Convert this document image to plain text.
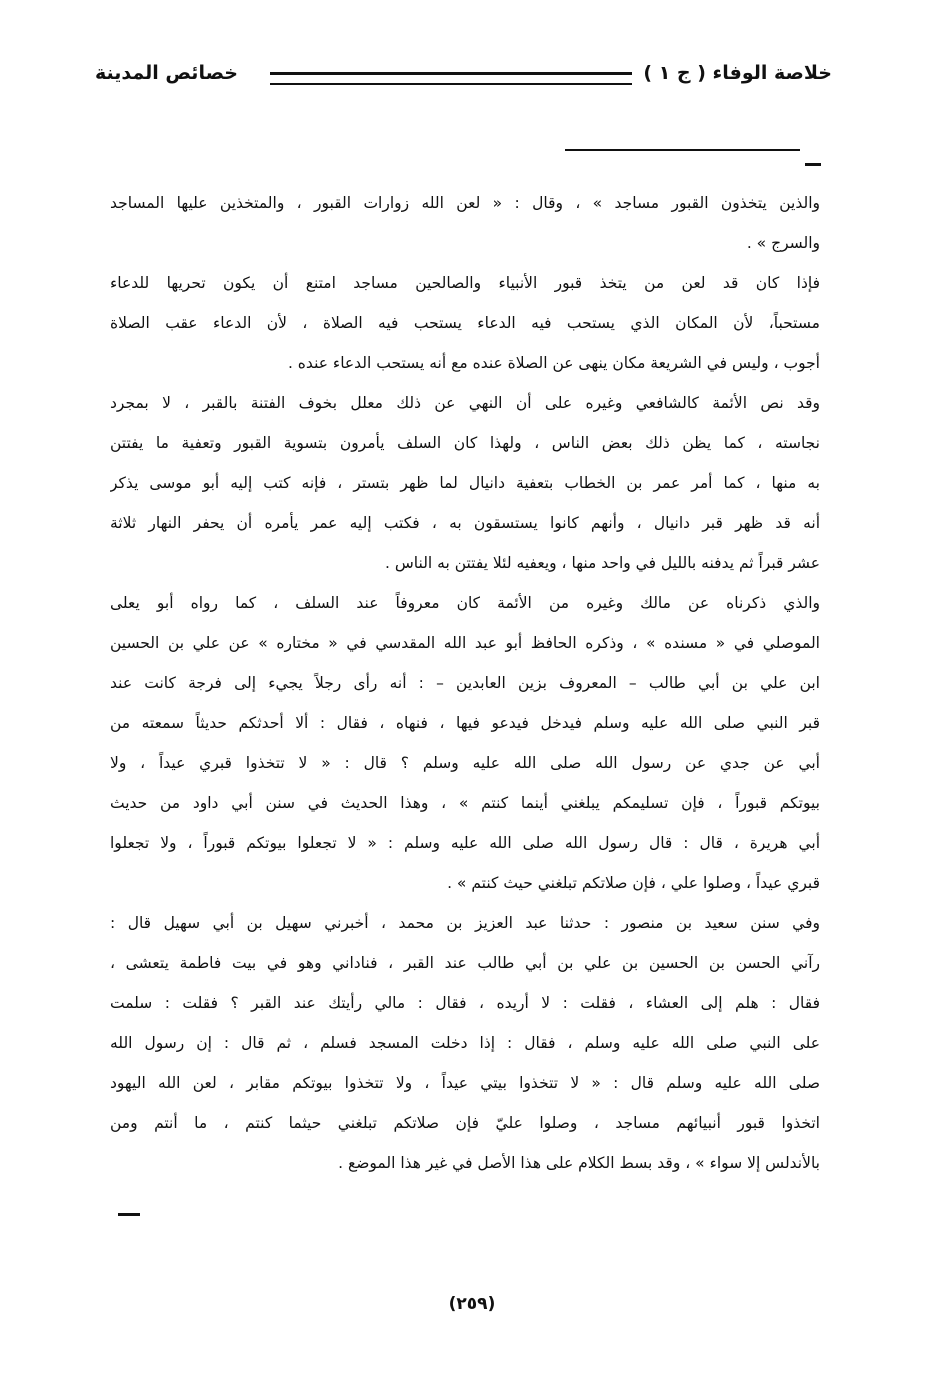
خلاصة الوفاء ( ج ١ )
خصائص المدينة
والذين يتخذون القبور مساجد » ، وقال : « لعن الله زوارات القبور ، والمتخذين عليها المساجد
والسرج » .
فإذا كان قد لعن من يتخذ قبور الأنبياء والصالحين مساجد امتنع أن يكون تحريها للدعاء
مستحباً، لأن المكان الذي يستحب فيه الدعاء يستحب فيه الصلاة ، لأن الدعاء عقب الصلاة
أجوب ، وليس في الشريعة مكان ينهى عن الصلاة عنده مع أنه يستحب الدعاء عنده .
وقد نص الأئمة كالشافعي وغيره على أن النهي عن ذلك معلل بخوف الفتنة بالقبر ، لا بمجرد
نجاسته ، كما يظن ذلك بعض الناس ، ولهذا كان السلف يأمرون بتسوية القبور وتعفية ما يفتتن
به منها ، كما أمر عمر بن الخطاب بتعفية دانيال لما ظهر بتستر ، فإنه كتب إليه أبو موسى يذكر
أنه قد ظهر قبر دانيال ، وأنهم كانوا يستسقون به ، فكتب إليه عمر يأمره أن يحفر النهار ثلاثة
عشر قبراً ثم يدفنه بالليل في واحد منها ، ويعفيه لئلا يفتتن به الناس .
والذي ذكرناه عن مالك وغيره من الأئمة كان معروفاً عند السلف ، كما رواه أبو يعلى
الموصلي في « مسنده » ، وذكره الحافظ أبو عبد الله المقدسي في « مختاره » عن علي بن الحسين
ابن علي بن أبي طالب – المعروف بزين العابدين – : أنه رأى رجلاً يجيء إلى فرجة كانت عند
قبر النبي صلى الله عليه وسلم فيدخل فيدعو فيها ، فنهاه ، فقال : ألا أحدثكم حديثاً سمعته من
أبي عن جدي عن رسول الله صلى الله عليه وسلم ؟ قال : « لا تتخذوا قبري عيداً ، ولا
بيوتكم قبوراً ، فإن تسليمكم يبلغني أينما كنتم » ، وهذا الحديث في سنن أبي داود من حديث
أبي هريرة ، قال : قال رسول الله صلى الله عليه وسلم : « لا تجعلوا بيوتكم قبوراً ، ولا تجعلوا
قبري عيداً ، وصلوا علي ، فإن صلاتكم تبلغني حيث كنتم » .
وفي سنن سعيد بن منصور : حدثنا عبد العزيز بن محمد ، أخبرني سهيل بن أبي سهيل قال :
رآني الحسن بن الحسين بن علي بن أبي طالب عند القبر ، فناداني وهو في بيت فاطمة يتعشى ،
فقال : هلم إلى العشاء ، فقلت : لا أريده ، فقال : مالي رأيتك عند القبر ؟ فقلت : سلمت
على النبي صلى الله عليه وسلم ، فقال : إذا دخلت المسجد فسلم ، ثم قال : إن رسول الله
صلى الله عليه وسلم قال : « لا تتخذوا بيتي عيداً ، ولا تتخذوا بيوتكم مقابر ، لعن الله اليهود
اتخذوا قبور أنبيائهم مساجد ، وصلوا عليّ فإن صلاتكم تبلغني حيثما كنتم ، ما أنتم ومن
بالأندلس إلا سواء » ، وقد بسط الكلام على هذا الأصل في غير هذا الموضع .
(٢٥٩)
